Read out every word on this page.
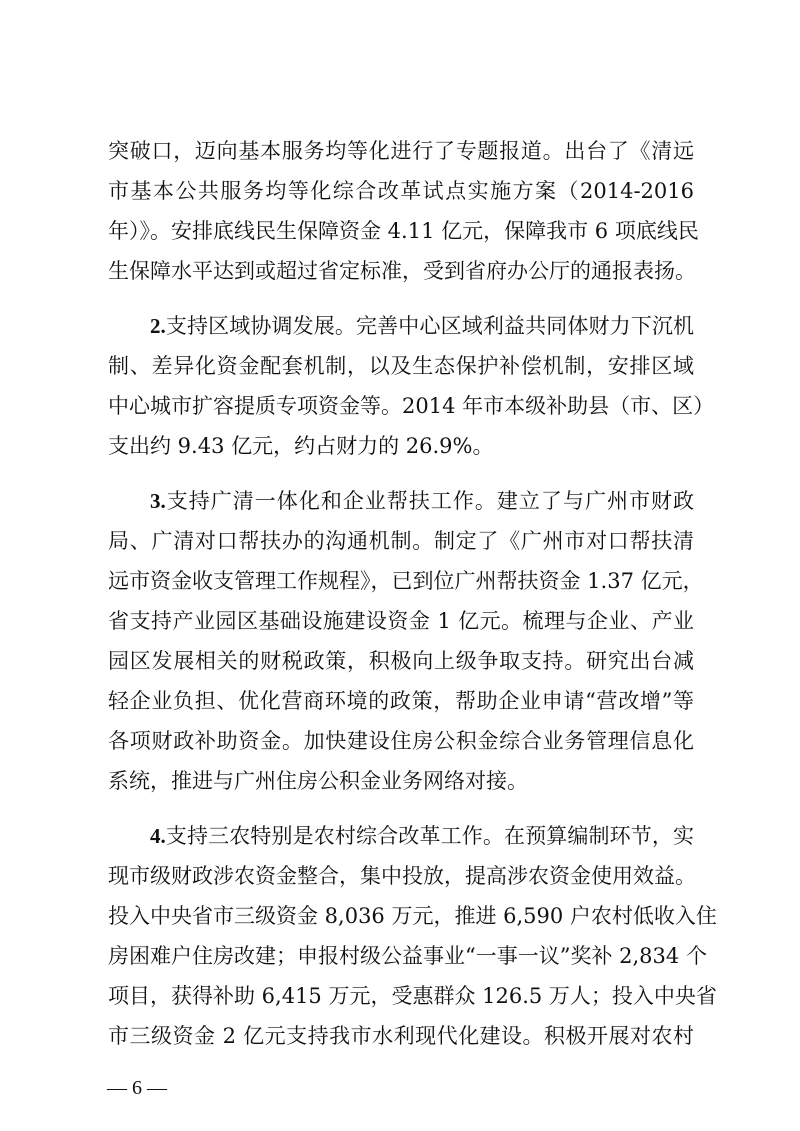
突破口，迈向基本服务均等化进行了专题报道。出台了《清远
市基本公共服务均等化综合改革试点实施方案（2014-2016
年）》。安排底线民生保障资金 4.11 亿元，保障我市 6 项底线民
生保障水平达到或超过省定标准，受到省府办公厅的通报表扬。
2.支持区域协调发展。完善中心区域利益共同体财力下沉机
制、差异化资金配套机制，以及生态保护补偿机制，安排区域
中心城市扩容提质专项资金等。2014 年市本级补助县（市、区）
支出约 9.43 亿元，约占财力的 26.9%。
3.支持广清一体化和企业帮扶工作。建立了与广州市财政
局、广清对口帮扶办的沟通机制。制定了《广州市对口帮扶清
远市资金收支管理工作规程》，已到位广州帮扶资金 1.37 亿元，
省支持产业园区基础设施建设资金 1 亿元。梳理与企业、产业
园区发展相关的财税政策，积极向上级争取支持。研究出台减
轻企业负担、优化营商环境的政策，帮助企业申请“营改增”等
各项财政补助资金。加快建设住房公积金综合业务管理信息化
系统，推进与广州住房公积金业务网络对接。
4.支持三农特别是农村综合改革工作。在预算编制环节，实
现市级财政涉农资金整合，集中投放，提高涉农资金使用效益。
投入中央省市三级资金 8,036 万元，推进 6,590 户农村低收入住
房困难户住房改建；申报村级公益事业“一事一议”奖补 2,834 个
项目，获得补助 6,415 万元，受惠群众 126.5 万人；投入中央省
市三级资金 2 亿元支持我市水利现代化建设。积极开展对农村
— 6 —
